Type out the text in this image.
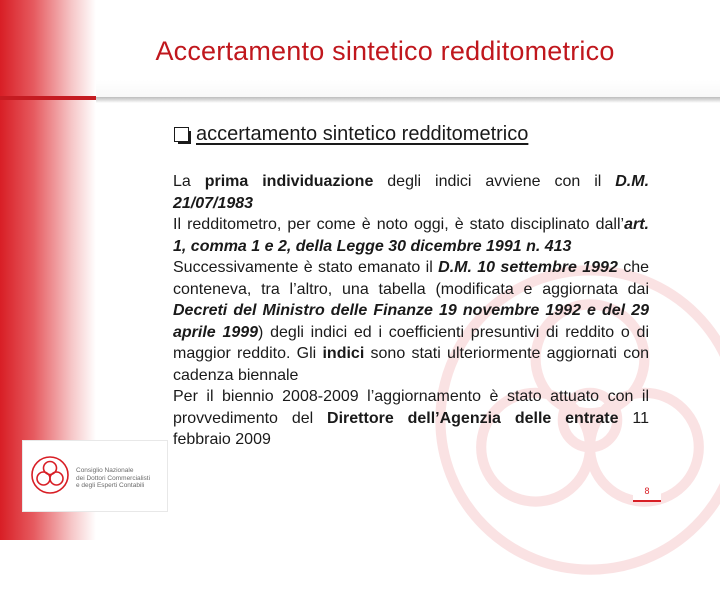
Accertamento sintetico redditometrico
accertamento sintetico redditometrico

La prima individuazione degli indici avviene con il D.M. 21/07/1983

Il redditometro, per come è noto oggi, è stato disciplinato dall’art. 1, comma 1 e 2, della Legge 30 dicembre 1991 n. 413

Successivamente è stato emanato il D.M. 10 settembre 1992 che conteneva, tra l’altro, una tabella (modificata e aggiornata dai Decreti del Ministro delle Finanze 19 novembre 1992 e del 29 aprile 1999) degli indici ed i coefficienti presuntivi di reddito o di maggior reddito. Gli indici sono stati ulteriormente aggiornati con cadenza biennale

Per il biennio 2008-2009 l’aggiornamento è stato attuato con il provvedimento del Direttore dell’Agenzia delle entrate 11 febbraio 2009

Consiglio Nazionale
dei Dottori Commercialisti
e degli Esperti Contabili
8
